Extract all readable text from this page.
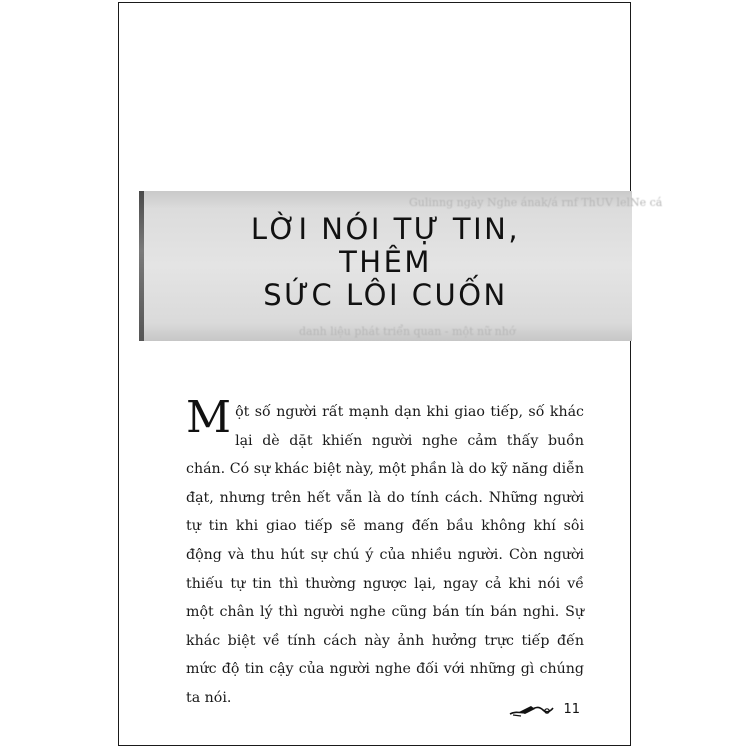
Gulinng ngày Nghe ának/á rnf ThUV lelNe cá
danh liệu phát triển quan - một nữ nhớ
LỜI NÓI TỰ TIN,
THÊM
SỨC LÔI CUỐN
Một số người rất mạnh dạn khi giao tiếp, số khác lại dè dặt khiến người nghe cảm thấy buồn chán. Có sự khác biệt này, một phần là do kỹ năng diễn đạt, nhưng trên hết vẫn là do tính cách. Những người tự tin khi giao tiếp sẽ mang đến bầu không khí sôi động và thu hút sự chú ý của nhiều người. Còn người thiếu tự tin thì thường ngược lại, ngay cả khi nói về một chân lý thì người nghe cũng bán tín bán nghi. Sự khác biệt về tính cách này ảnh hưởng trực tiếp đến mức độ tin cậy của người nghe đối với những gì chúng ta nói.
11
